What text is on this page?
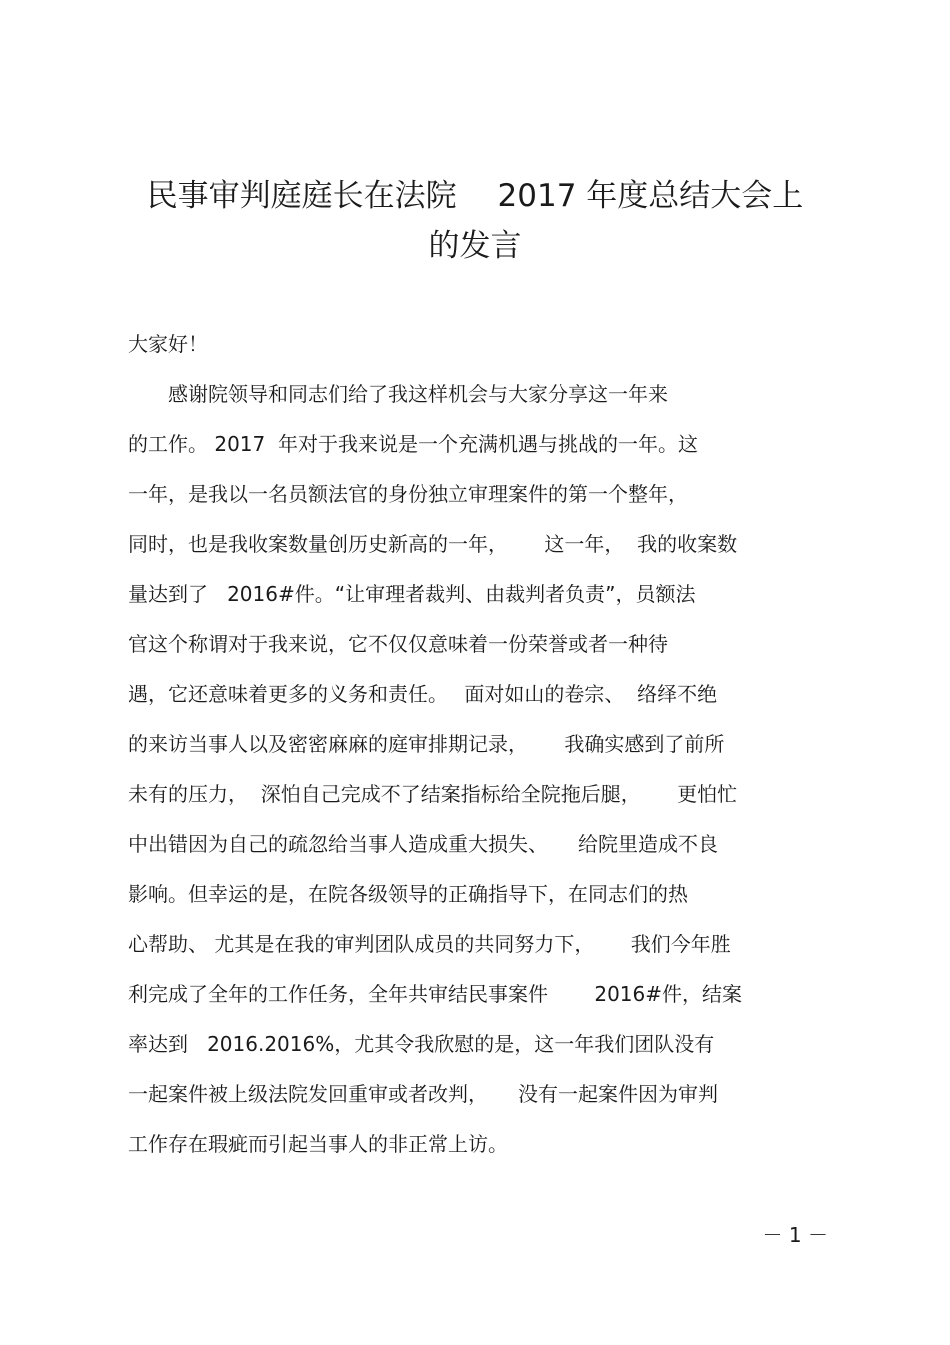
民事审判庭庭长在法院　 2017 年度总结大会上
的发言

大家好！

　　感谢院领导和同志们给了我这样机会与大家分享这一年来

的工作。 2017  年对于我来说是一个充满机遇与挑战的一年。这

一年，是我以一名员额法官的身份独立审理案件的第一个整年，

同时，也是我收案数量创历史新高的一年，　　 这一年，  我的收案数

量达到了   2016#件。“让审理者裁判、由裁判者负责”，员额法

官这个称谓对于我来说，它不仅仅意味着一份荣誉或者一种待

遇，它还意味着更多的义务和责任。　 面对如山的卷宗、  络绎不绝

的来访当事人以及密密麻麻的庭审排期记录，　　 我确实感到了前所

未有的压力，  深怕自己完成不了结案指标给全院拖后腿，　　 更怕忙

中出错因为自己的疏忽给当事人造成重大损失、　　给院里造成不良

影响。但幸运的是，在院各级领导的正确指导下，在同志们的热

心帮助、 尤其是在我的审判团队成员的共同努力下，　　 我们今年胜

利完成了全年的工作任务，全年共审结民事案件　　 2016#件，结案

率达到   2016.2016%，尤其令我欣慰的是，这一年我们团队没有

一起案件被上级法院发回重审或者改判，　　没有一起案件因为审判

工作存在瑕疵而引起当事人的非正常上访。

－ 1 －
